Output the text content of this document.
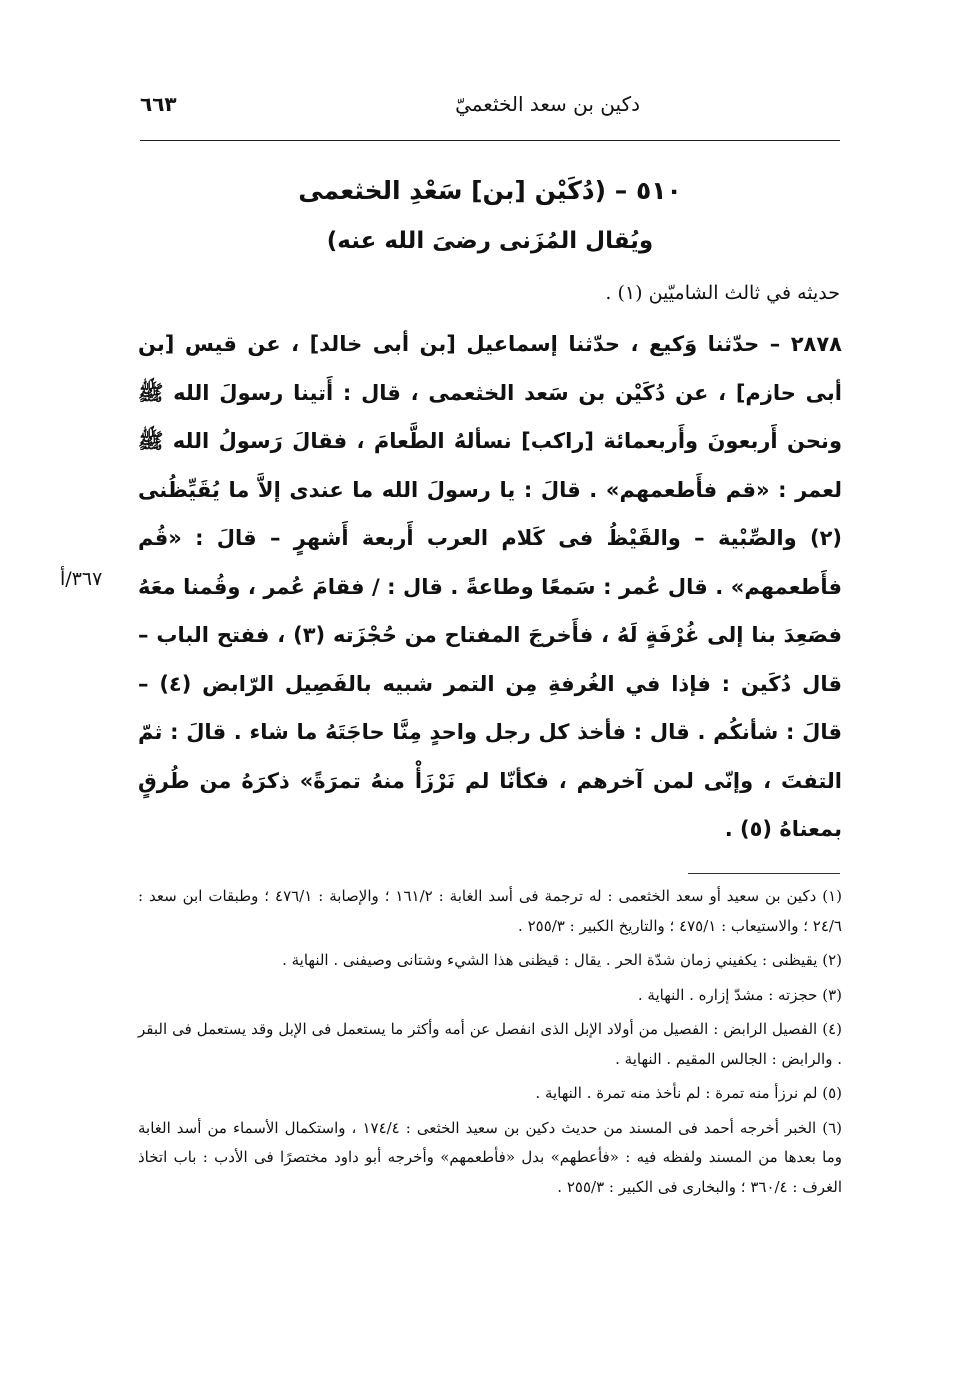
دكين بن سعد الخثعميّ
٦٦٣
٥١٠ – (دُكَيْن [بن] سَعْدِ الخثعمى
ويُقال المُزَنى رضىَ الله عنه)
حديثه في ثالث الشاميّين (١) .

٢٨٧٨ – حدّثنا وَكيع ، حدّثنا إسماعيل [بن أبى خالد] ، عن قيس [بن أبى حازم] ، عن دُكَيْن بن سَعد الخثعمى ، قال : أَتينا رسولَ الله ﷺ ونحن أَربعونَ وأَربعمائة [راكب] نسألهُ الطَّعامَ ، فقالَ رَسولُ الله ﷺ لعمر : «قم فأَطعمهم» . قالَ : يا رسولَ الله ما عندى إلاَّ ما يُقَيِّظُنى (٢) والصِّبْية – والقَيْظُ فى كَلام العرب أَربعة أَشهرٍ – قالَ : «قُم فأَطعمهم» . قال عُمر : سَمعًا وطاعةً . قال : / فقامَ عُمر ، وقُمنا معَهُ فصَعِدَ بنا إلى غُرْفَةٍ لَهُ ، فأَخرجَ المفتاح من حُجْزَته (٣) ، ففتح الباب – قال دُكَين : فإذا في الغُرفةِ مِن التمر شبيه بالفَصِيل الرّابض (٤) – قالَ : شأنكُم . قال : فأخذ كل رجل واحدٍ مِنَّا حاجَتَهُ ما شاء . قالَ : ثمّ التفتَ ، وإنّى لمن آخرهم ، فكأنّا لم نَرْزَأْ منهُ تمرَةً» ذكرَهُ من طُرقٍ بمعناهُ (٥) .

٣٦٧/أ

(١) دكين بن سعيد أو سعد الخثعمى : له ترجمة فى أسد الغابة : ١٦١/٢ ؛ والإصابة : ٤٧٦/١ ؛ وطبقات ابن سعد : ٢٤/٦ ؛ والاستيعاب : ٤٧٥/١ ؛ والتاريخ الكبير : ٢٥٥/٣ .

(٢) يقيظنى : يكفيني زمان شدّة الحر . يقال : قيظنى هذا الشيء وشتانى وصيفنى . النهاية .

(٣) حجزته : مشدّ إزاره . النهاية .

(٤) الفصيل الرابض : الفصيل من أولاد الإبل الذى انفصل عن أمه وأكثر ما يستعمل فى الإبل وقد يستعمل فى البقر . والرابض : الجالس المقيم . النهاية .

(٥) لم نرزأ منه تمرة : لم نأخذ منه تمرة . النهاية .

(٦) الخبر أخرجه أحمد فى المسند من حديث دكين بن سعيد الخثعى : ١٧٤/٤ ، واستكمال الأسماء من أسد الغابة وما بعدها من المسند ولفظه فيه : «فأعطهم» بدل «فأطعمهم» وأخرجه أبو داود مختصرًا فى الأدب : باب اتخاذ الغرف : ٣٦٠/٤ ؛ والبخارى فى الكبير : ٢٥٥/٣ .
